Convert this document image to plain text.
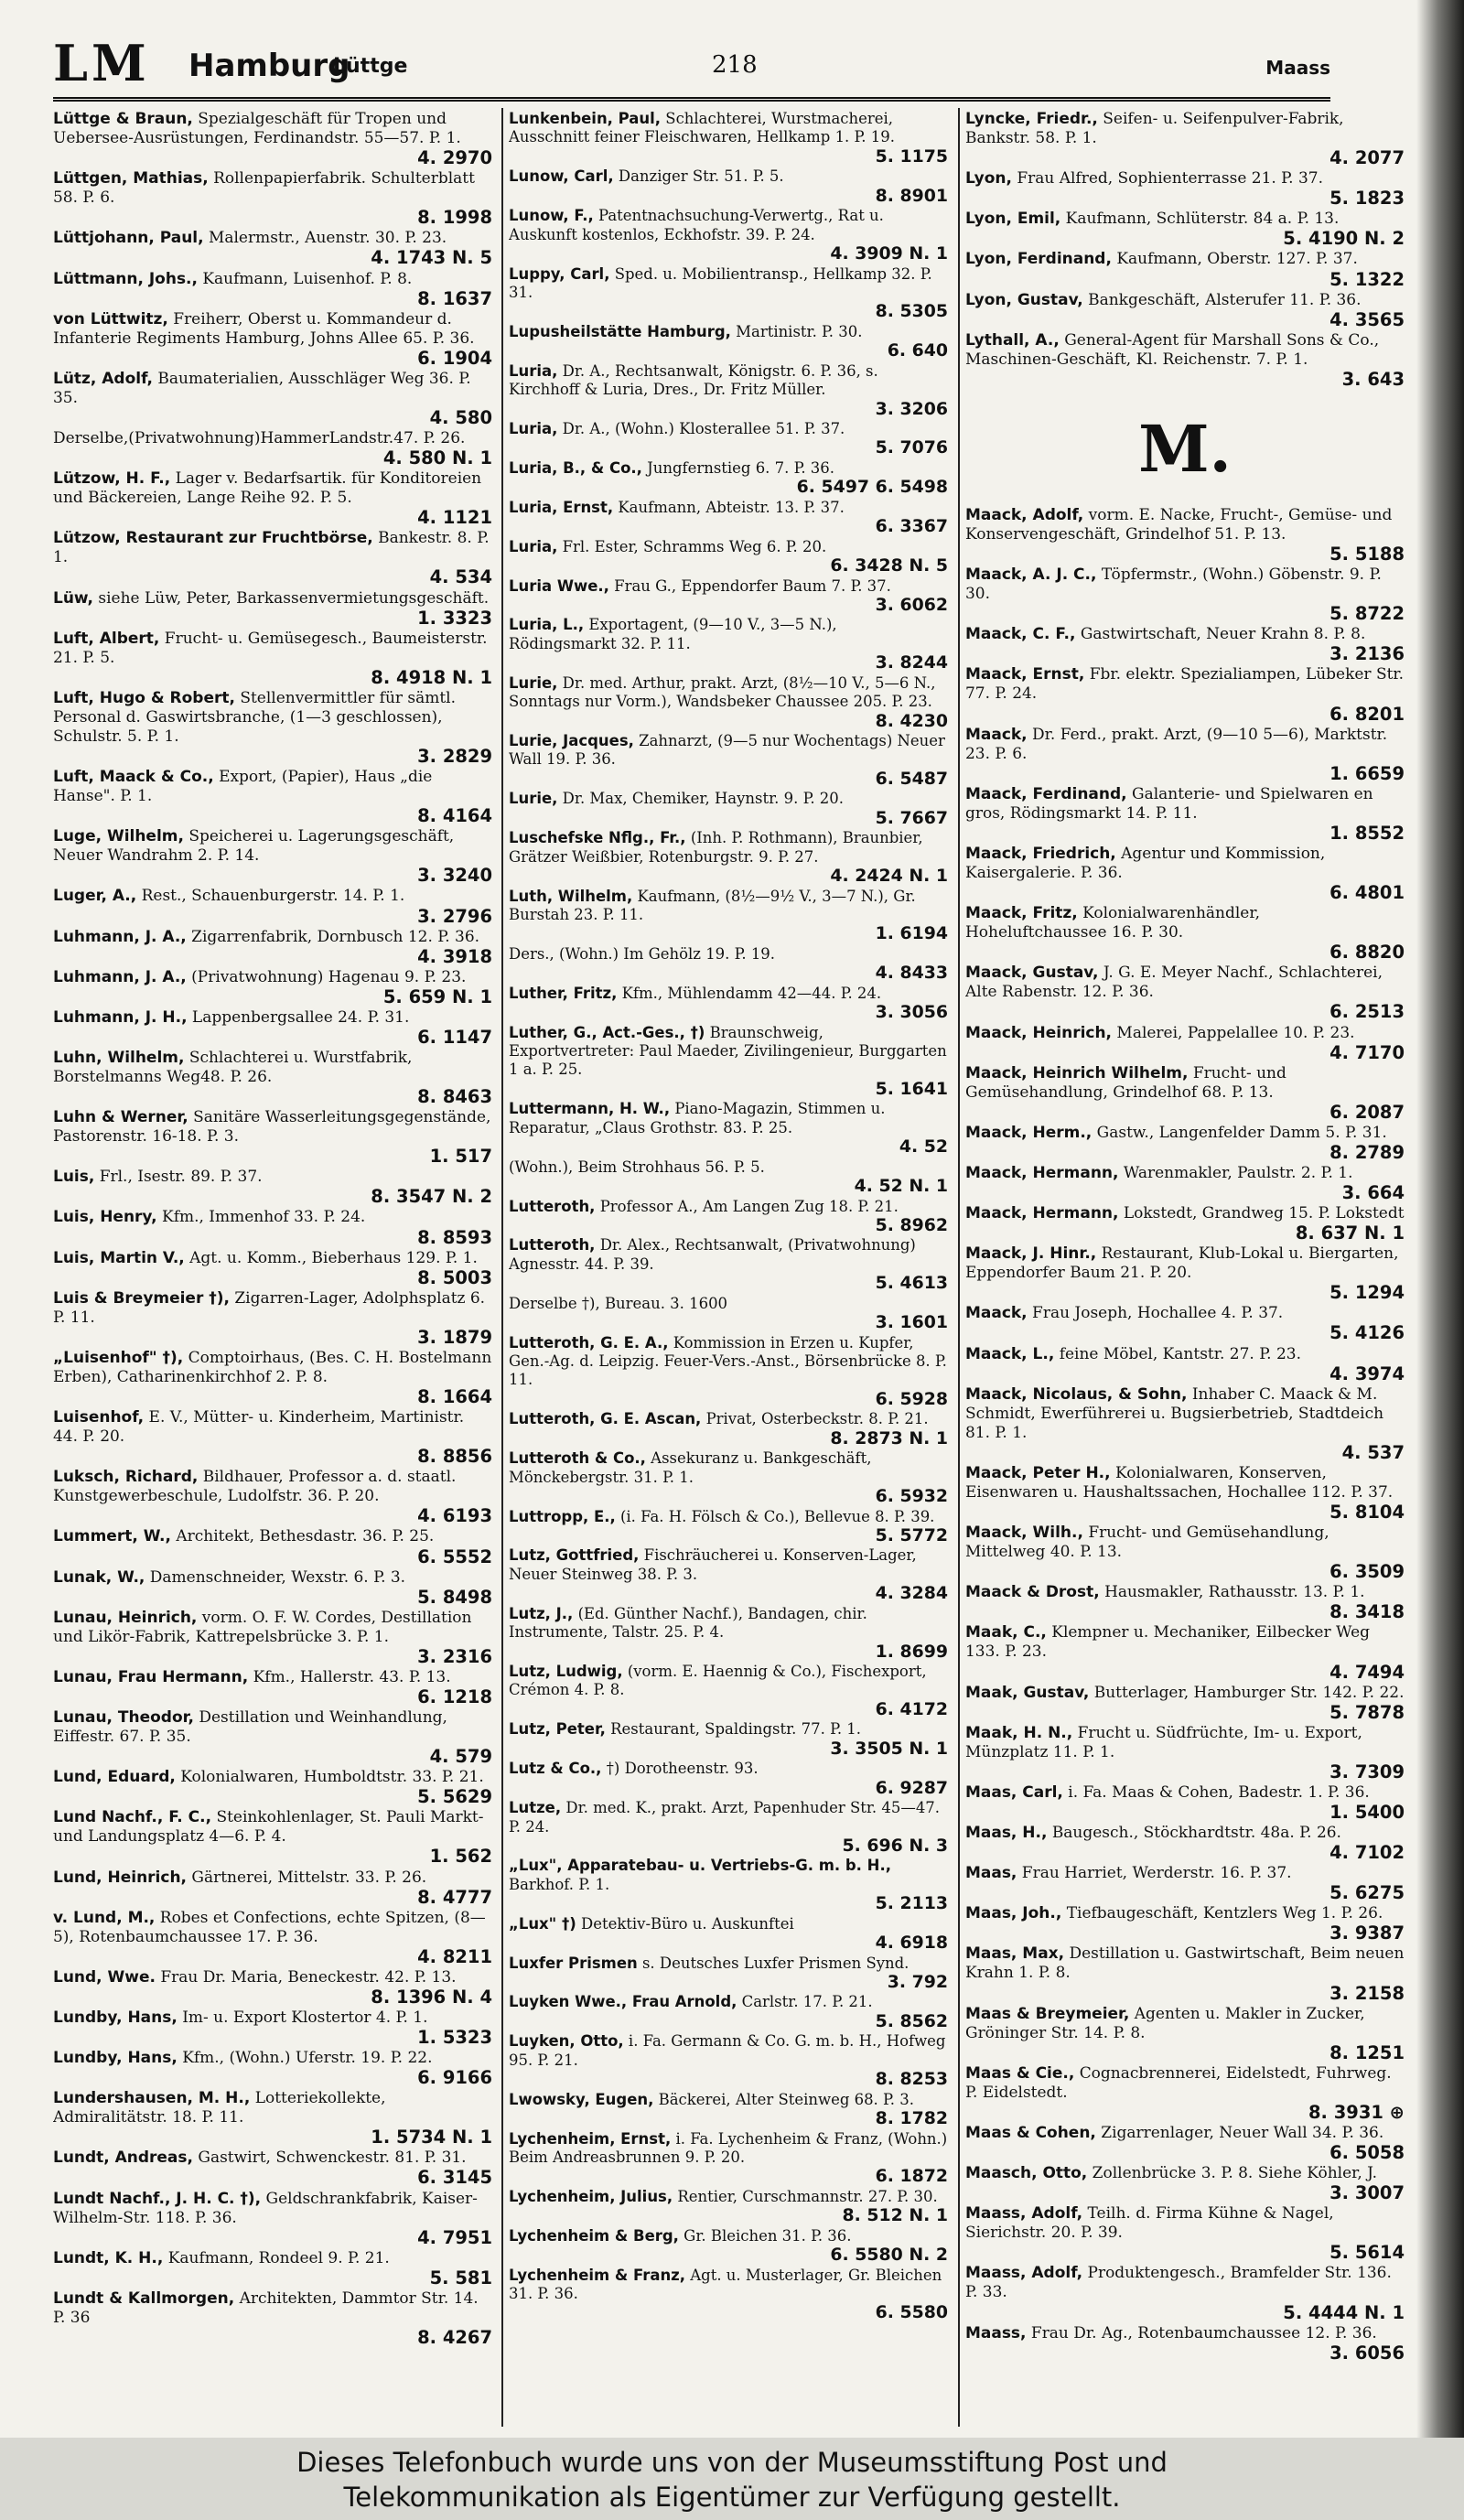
LM Hamburg
Lüttge	218	Maass
Lüttge & Braun, Spezialgeschäft für Tropen und Uebersee-Ausrüstungen, Ferdinandstr. 55—57. P. 1.
4. 2970
Lüttgen, Mathias, Rollenpapierfabrik. Schulterblatt 58. P. 6.
8. 1998
Lüttjohann, Paul, Malermstr., Auenstr. 30. P. 23.
4. 1743 N. 5
Lüttmann, Johs., Kaufmann, Luisenhof. P. 8.
8. 1637
von Lüttwitz, Freiherr, Oberst u. Kommandeur d. Infanterie Regiments Hamburg, Johns Allee 65. P. 36.
6. 1904
Lütz, Adolf, Baumaterialien, Ausschläger Weg 36. P. 35.
4. 580
Derselbe,(Privatwohnung)HammerLandstr.47. P. 26.
4. 580 N. 1
Lützow, H. F., Lager v. Bedarfsartik. für Konditoreien und Bäckereien, Lange Reihe 92. P. 5.
4. 1121
Lützow, Restaurant zur Fruchtbörse, Bankestr. 8. P. 1.
4. 534
Lüw, siehe Lüw, Peter, Barkassenvermietungsgeschäft.
1. 3323
Luft, Albert, Frucht- u. Gemüsegesch., Baumeisterstr. 21. P. 5.
8. 4918 N. 1
Luft, Hugo & Robert, Stellenvermittler für sämtl. Personal d. Gaswirtsbranche, (1—3 geschlossen), Schulstr. 5. P. 1.
3. 2829
Luft, Maack & Co., Export, (Papier), Haus „die Hanse". P. 1.
8. 4164
Luge, Wilhelm, Speicherei u. Lagerungsgeschäft, Neuer Wandrahm 2. P. 14.
3. 3240
Luger, A., Rest., Schauenburgerstr. 14. P. 1.
3. 2796
Luhmann, J. A., Zigarrenfabrik, Dornbusch 12. P. 36.
4. 3918
Luhmann, J. A., (Privatwohnung) Hagenau 9. P. 23.
5. 659 N. 1
Luhmann, J. H., Lappenbergsallee 24. P. 31.
6. 1147
Luhn, Wilhelm, Schlachterei u. Wurstfabrik, Borstelmanns Weg48. P. 26.
8. 8463
Luhn & Werner, Sanitäre Wasserleitungsgegenstände, Pastorenstr. 16-18. P. 3.
1. 517
Luis, Frl., Isestr. 89. P. 37.
8. 3547 N. 2
Luis, Henry, Kfm., Immenhof 33. P. 24.
8. 8593
Luis, Martin V., Agt. u. Komm., Bieberhaus 129. P. 1.
8. 5003
Luis & Breymeier †), Zigarren-Lager, Adolphsplatz 6. P. 11.
3. 1879
„Luisenhof" †), Comptoirhaus, (Bes. C. H. Bostelmann Erben), Catharinenkirchhof 2. P. 8.
8. 1664
Luisenhof, E. V., Mütter- u. Kinderheim, Martinistr. 44. P. 20.
8. 8856
Luksch, Richard, Bildhauer, Professor a. d. staatl. Kunstgewerbeschule, Ludolfstr. 36. P. 20.
4. 6193
Lummert, W., Architekt, Bethesdastr. 36. P. 25.
6. 5552
Lunak, W., Damenschneider, Wexstr. 6. P. 3.
5. 8498
Lunau, Heinrich, vorm. O. F. W. Cordes, Destillation und Likör-Fabrik, Kattrepelsbrücke 3. P. 1.
3. 2316
Lunau, Frau Hermann, Kfm., Hallerstr. 43. P. 13.
6. 1218
Lunau, Theodor, Destillation und Weinhandlung, Eiffestr. 67. P. 35.
4. 579
Lund, Eduard, Kolonialwaren, Humboldtstr. 33. P. 21.
5. 5629
Lund Nachf., F. C., Steinkohlenlager, St. Pauli Markt- und Landungsplatz 4—6. P. 4.
1. 562
Lund, Heinrich, Gärtnerei, Mittelstr. 33. P. 26.
8. 4777
v. Lund, M., Robes et Confections, echte Spitzen, (8—5), Rotenbaumchaussee 17. P. 36.
4. 8211
Lund, Wwe. Frau Dr. Maria, Beneckestr. 42. P. 13.
8. 1396 N. 4
Lundby, Hans, Im- u. Export Klostertor 4. P. 1.
1. 5323
Lundby, Hans, Kfm., (Wohn.) Uferstr. 19. P. 22.
6. 9166
Lundershausen, M. H., Lotteriekollekte, Admiralitätstr. 18. P. 11.
1. 5734 N. 1
Lundt, Andreas, Gastwirt, Schwenckestr. 81. P. 31.
6. 3145
Lundt Nachf., J. H. C. †), Geldschrankfabrik, Kaiser-Wilhelm-Str. 118. P. 36.
4. 7951
Lundt, K. H., Kaufmann, Rondeel 9. P. 21.
5. 581
Lundt & Kallmorgen, Architekten, Dammtor Str. 14. P. 36
8. 4267
Lunkenbein, Paul, Schlachterei, Wurstmacherei, Ausschnitt feiner Fleischwaren, Hellkamp 1. P. 19.
5. 1175
Lunow, Carl, Danziger Str. 51. P. 5.
8. 8901
Lunow, F., Patentnachsuchung-Verwertg., Rat u. Auskunft kostenlos, Eckhofstr. 39. P. 24.
4. 3909 N. 1
Luppy, Carl, Sped. u. Mobilientransp., Hellkamp 32. P. 31.
8. 5305
Lupusheilstätte Hamburg, Martinistr. P. 30.
6. 640
Luria, Dr. A., Rechtsanwalt, Königstr. 6. P. 36, s. Kirchhoff & Luria, Dres., Dr. Fritz Müller.
3. 3206
Luria, Dr. A., (Wohn.) Klosterallee 51. P. 37.
5. 7076
Luria, B., & Co., Jungfernstieg 6. 7. P. 36.
6. 5497 6. 5498
Luria, Ernst, Kaufmann, Abteistr. 13. P. 37.
6. 3367
Luria, Frl. Ester, Schramms Weg 6. P. 20.
6. 3428 N. 5
Luria Wwe., Frau G., Eppendorfer Baum 7. P. 37.
3. 6062
Luria, L., Exportagent, (9—10 V., 3—5 N.), Rödingsmarkt 32. P. 11.
3. 8244
Lurie, Dr. med. Arthur, prakt. Arzt, (8½—10 V., 5—6 N., Sonntags nur Vorm.), Wandsbeker Chaussee 205. P. 23.
8. 4230
Lurie, Jacques, Zahnarzt, (9—5 nur Wochentags) Neuer Wall 19. P. 36.
6. 5487
Lurie, Dr. Max, Chemiker, Haynstr. 9. P. 20.
5. 7667
Luschefske Nflg., Fr., (Inh. P. Rothmann), Braunbier, Grätzer Weißbier, Rotenburgstr. 9. P. 27.
4. 2424 N. 1
Luth, Wilhelm, Kaufmann, (8½—9½ V., 3—7 N.), Gr. Burstah 23. P. 11.
1. 6194
Ders., (Wohn.) Im Gehölz 19. P. 19.
4. 8433
Luther, Fritz, Kfm., Mühlendamm 42—44. P. 24.
3. 3056
Luther, G., Act.-Ges., †) Braunschweig, Exportvertreter: Paul Maeder, Zivilingenieur, Burggarten 1 a. P. 25.
5. 1641
Luttermann, H. W., Piano-Magazin, Stimmen u. Reparatur, „Claus Grothstr. 83. P. 25.
4. 52
(Wohn.), Beim Strohhaus 56. P. 5.
4. 52 N. 1
Lutteroth, Professor A., Am Langen Zug 18. P. 21.
5. 8962
Lutteroth, Dr. Alex., Rechtsanwalt, (Privatwohnung) Agnesstr. 44. P. 39.
5. 4613
Derselbe †), Bureau. 3. 1600
3. 1601
Lutteroth, G. E. A., Kommission in Erzen u. Kupfer, Gen.-Ag. d. Leipzig. Feuer-Vers.-Anst., Börsenbrücke 8. P. 11.
6. 5928
Lutteroth, G. E. Ascan, Privat, Osterbeckstr. 8. P. 21.
8. 2873 N. 1
Lutteroth & Co., Assekuranz u. Bankgeschäft, Mönckebergstr. 31. P. 1.
6. 5932
Luttropp, E., (i. Fa. H. Fölsch & Co.), Bellevue 8. P. 39.
5. 5772
Lutz, Gottfried, Fischräucherei u. Konserven-Lager, Neuer Steinweg 38. P. 3.
4. 3284
Lutz, J., (Ed. Günther Nachf.), Bandagen, chir. Instrumente, Talstr. 25. P. 4.
1. 8699
Lutz, Ludwig, (vorm. E. Haennig & Co.), Fischexport, Crémon 4. P. 8.
6. 4172
Lutz, Peter, Restaurant, Spaldingstr. 77. P. 1.
3. 3505 N. 1
Lutz & Co., †) Dorotheenstr. 93.
6. 9287
Lutze, Dr. med. K., prakt. Arzt, Papenhuder Str. 45—47. P. 24.
5. 696 N. 3
„Lux", Apparatebau- u. Vertriebs-G. m. b. H., Barkhof. P. 1.
5. 2113
„Lux" †) Detektiv-Büro u. Auskunftei
4. 6918
Luxfer Prismen s. Deutsches Luxfer Prismen Synd.
3. 792
Luyken Wwe., Frau Arnold, Carlstr. 17. P. 21.
5. 8562
Luyken, Otto, i. Fa. Germann & Co. G. m. b. H., Hofweg 95. P. 21.
8. 8253
Lwowsky, Eugen, Bäckerei, Alter Steinweg 68. P. 3.
8. 1782
Lychenheim, Ernst, i. Fa. Lychenheim & Franz, (Wohn.) Beim Andreasbrunnen 9. P. 20.
6. 1872
Lychenheim, Julius, Rentier, Curschmannstr. 27. P. 30.
8. 512 N. 1
Lychenheim & Berg, Gr. Bleichen 31. P. 36.
6. 5580 N. 2
Lychenheim & Franz, Agt. u. Musterlager, Gr. Bleichen 31. P. 36.
6. 5580
Lyncke, Friedr., Seifen- u. Seifenpulver-Fabrik, Bankstr. 58. P. 1.
4. 2077
Lyon, Frau Alfred, Sophienterrasse 21. P. 37.
5. 1823
Lyon, Emil, Kaufmann, Schlüterstr. 84 a. P. 13.
5. 4190 N. 2
Lyon, Ferdinand, Kaufmann, Oberstr. 127. P. 37.
5. 1322
Lyon, Gustav, Bankgeschäft, Alsterufer 11. P. 36.
4. 3565
Lythall, A., General-Agent für Marshall Sons & Co., Maschinen-Geschäft, Kl. Reichenstr. 7. P. 1.
3. 643
M.
Maack, Adolf, vorm. E. Nacke, Frucht-, Gemüse- und Konservengeschäft, Grindelhof 51. P. 13.
5. 5188
Maack, A. J. C., Töpfermstr., (Wohn.) Göbenstr. 9. P. 30.
5. 8722
Maack, C. F., Gastwirtschaft, Neuer Krahn 8. P. 8.
3. 2136
Maack, Ernst, Fbr. elektr. Spezialiampen, Lübeker Str. 77. P. 24.
6. 8201
Maack, Dr. Ferd., prakt. Arzt, (9—10 5—6), Marktstr. 23. P. 6.
1. 6659
Maack, Ferdinand, Galanterie- und Spielwaren en gros, Rödingsmarkt 14. P. 11.
1. 8552
Maack, Friedrich, Agentur und Kommission, Kaisergalerie. P. 36.
6. 4801
Maack, Fritz, Kolonialwarenhändler, Hoheluftchaussee 16. P. 30.
6. 8820
Maack, Gustav, J. G. E. Meyer Nachf., Schlachterei, Alte Rabenstr. 12. P. 36.
6. 2513
Maack, Heinrich, Malerei, Pappelallee 10. P. 23.
4. 7170
Maack, Heinrich Wilhelm, Frucht- und Gemüsehandlung, Grindelhof 68. P. 13.
6. 2087
Maack, Herm., Gastw., Langenfelder Damm 5. P. 31.
8. 2789
Maack, Hermann, Warenmakler, Paulstr. 2. P. 1.
3. 664
Maack, Hermann, Lokstedt, Grandweg 15. P. Lokstedt
8. 637 N. 1
Maack, J. Hinr., Restaurant, Klub-Lokal u. Biergarten, Eppendorfer Baum 21. P. 20.
5. 1294
Maack, Frau Joseph, Hochallee 4. P. 37.
5. 4126
Maack, L., feine Möbel, Kantstr. 27. P. 23.
4. 3974
Maack, Nicolaus, & Sohn, Inhaber C. Maack & M. Schmidt, Ewerführerei u. Bugsierbetrieb, Stadtdeich 81. P. 1.
4. 537
Maack, Peter H., Kolonialwaren, Konserven, Eisenwaren u. Haushaltssachen, Hochallee 112. P. 37.
5. 8104
Maack, Wilh., Frucht- und Gemüsehandlung, Mittelweg 40. P. 13.
6. 3509
Maack & Drost, Hausmakler, Rathausstr. 13. P. 1.
8. 3418
Maak, C., Klempner u. Mechaniker, Eilbecker Weg 133. P. 23.
4. 7494
Maak, Gustav, Butterlager, Hamburger Str. 142. P. 22.
5. 7878
Maak, H. N., Frucht u. Südfrüchte, Im- u. Export, Münzplatz 11. P. 1.
3. 7309
Maas, Carl, i. Fa. Maas & Cohen, Badestr. 1. P. 36.
1. 5400
Maas, H., Baugesch., Stöckhardtstr. 48a. P. 26.
4. 7102
Maas, Frau Harriet, Werderstr. 16. P. 37.
5. 6275
Maas, Joh., Tiefbaugeschäft, Kentzlers Weg 1. P. 26.
3. 9387
Maas, Max, Destillation u. Gastwirtschaft, Beim neuen Krahn 1. P. 8.
3. 2158
Maas & Breymeier, Agenten u. Makler in Zucker, Gröninger Str. 14. P. 8.
8. 1251
Maas & Cie., Cognacbrennerei, Eidelstedt, Fuhrweg. P. Eidelstedt.
8. 3931 ⊕
Maas & Cohen, Zigarrenlager, Neuer Wall 34. P. 36.
6. 5058
Maasch, Otto, Zollenbrücke 3. P. 8. Siehe Köhler, J.
3. 3007
Maass, Adolf, Teilh. d. Firma Kühne & Nagel, Sierichstr. 20. P. 39.
5. 5614
Maass, Adolf, Produktengesch., Bramfelder Str. 136. P. 33.
5. 4444 N. 1
Maass, Frau Dr. Ag., Rotenbaumchaussee 12. P. 36.
3. 6056
Dieses Telefonbuch wurde uns von der Museumsstiftung Post und
Telekommunikation als Eigentümer zur Verfügung gestellt.
